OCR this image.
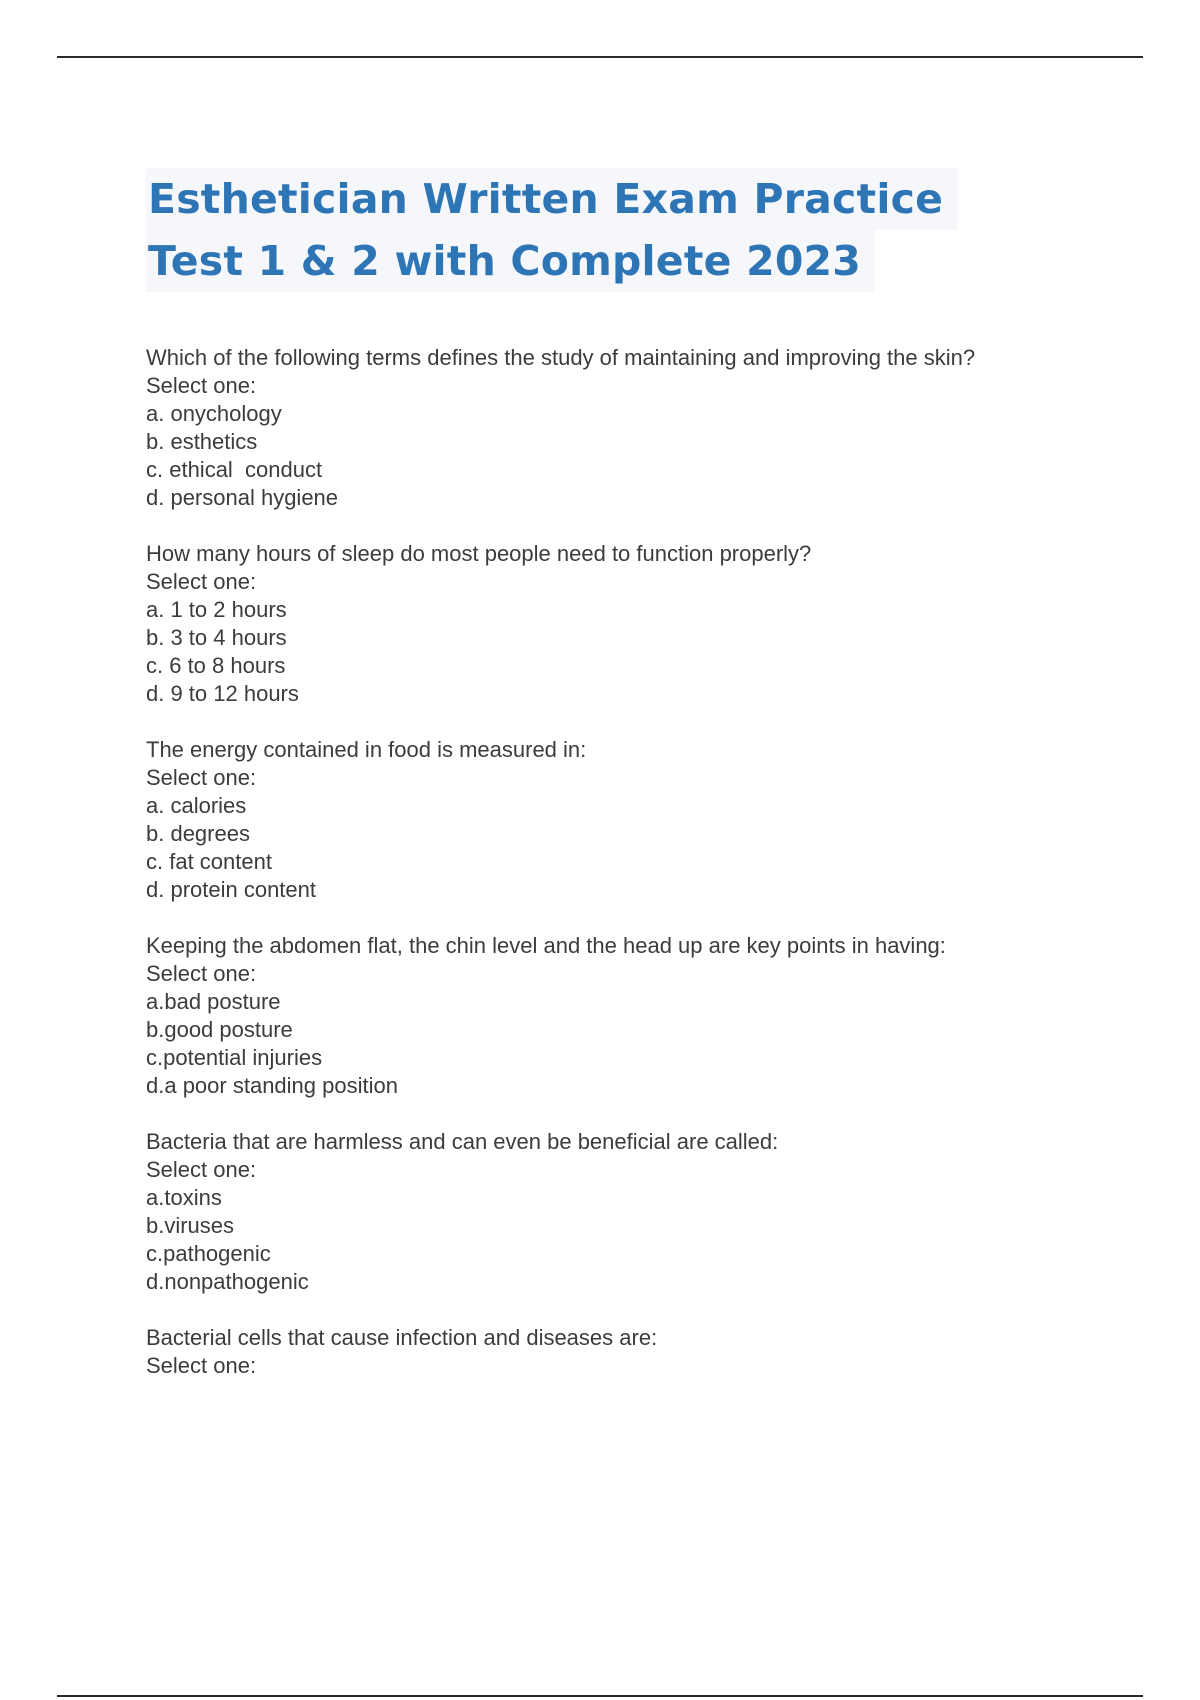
Esthetician Written Exam Practice
Test 1 & 2 with Complete 2023
Which of the following terms defines the study of maintaining and improving the skin?
Select one:
a. onychology
b. esthetics
c. ethical  conduct
d. personal hygiene
How many hours of sleep do most people need to function properly?
Select one:
a. 1 to 2 hours
b. 3 to 4 hours
c. 6 to 8 hours
d. 9 to 12 hours
The energy contained in food is measured in:
Select one:
a. calories
b. degrees
c. fat content
d. protein content
Keeping the abdomen flat, the chin level and the head up are key points in having:
Select one:
a.bad posture
b.good posture
c.potential injuries
d.a poor standing position
Bacteria that are harmless and can even be beneficial are called:
Select one:
a.toxins
b.viruses
c.pathogenic
d.nonpathogenic
Bacterial cells that cause infection and diseases are:
Select one:
